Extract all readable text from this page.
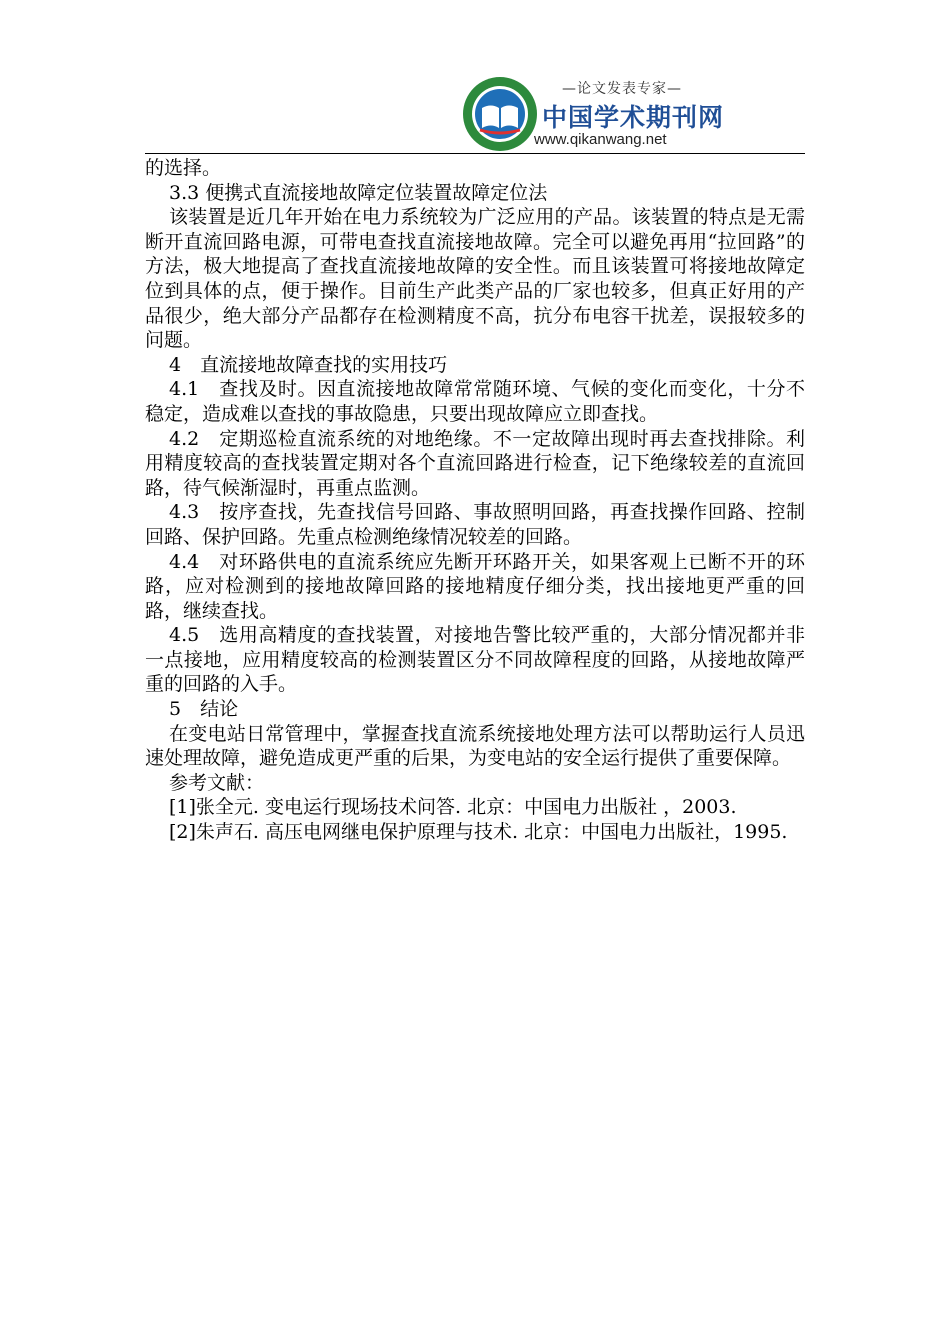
—论文发表专家—
中国学术期刊网
www.qikanwang.net

的选择。

3.3 便携式直流接地故障定位装置故障定位法

该装置是近几年开始在电力系统较为广泛应用的产品。该装置的特点是无需断开直流回路电源，可带电查找直流接地故障。完全可以避免再用“拉回路”的方法，极大地提高了查找直流接地故障的安全性。而且该装置可将接地故障定位到具体的点，便于操作。目前生产此类产品的厂家也较多，但真正好用的产品很少，绝大部分产品都存在检测精度不高，抗分布电容干扰差，误报较多的问题。

4　直流接地故障查找的实用技巧

4.1　查找及时。因直流接地故障常常随环境、气候的变化而变化，十分不稳定，造成难以查找的事故隐患，只要出现故障应立即查找。

4.2　定期巡检直流系统的对地绝缘。不一定故障出现时再去查找排除。利用精度较高的查找装置定期对各个直流回路进行检查，记下绝缘较差的直流回路，待气候渐湿时，再重点监测。

4.3　按序查找，先查找信号回路、事故照明回路，再查找操作回路、控制回路、保护回路。先重点检测绝缘情况较差的回路。

4.4　对环路供电的直流系统应先断开环路开关，如果客观上已断不开的环路，应对检测到的接地故障回路的接地精度仔细分类，找出接地更严重的回路，继续查找。

4.5　选用高精度的查找装置，对接地告警比较严重的，大部分情况都并非一点接地，应用精度较高的检测装置区分不同故障程度的回路，从接地故障严重的回路的入手。

5　结论

在变电站日常管理中，掌握查找直流系统接地处理方法可以帮助运行人员迅速处理故障，避免造成更严重的后果，为变电站的安全运行提供了重要保障。

参考文献：

[1]张全元. 变电运行现场技术问答. 北京：中国电力出版社 ，2003.

[2]朱声石. 高压电网继电保护原理与技术. 北京：中国电力出版社，1995.
